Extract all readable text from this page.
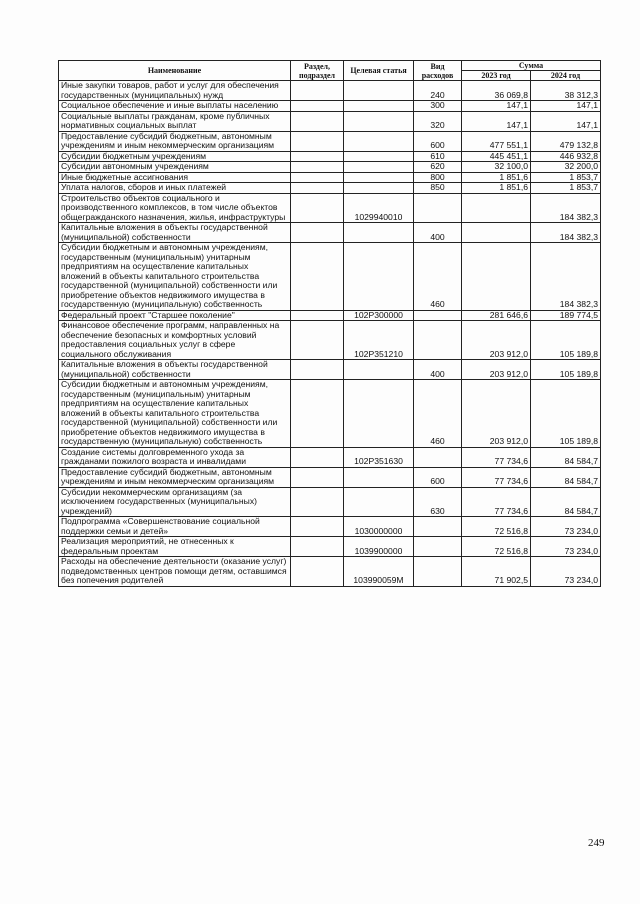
Наименование	Раздел, подраздел	Целевая статья	Вид расходов	Сумма	
				2023 год	2024 год
Иные закупки товаров, работ и услуг для обеспечения государственных (муниципальных) нужд			240	36 069,8	38 312,3
Социальное обеспечение и иные выплаты населению			300	147,1	147,1
Социальные выплаты гражданам, кроме публичных нормативных социальных выплат			320	147,1	147,1
Предоставление субсидий бюджетным, автономным учреждениям и иным некоммерческим организациям			600	477 551,1	479 132,8
Субсидии бюджетным учреждениям			610	445 451,1	446 932,8
Субсидии автономным учреждениям			620	32 100,0	32 200,0
Иные бюджетные ассигнования			800	1 851,6	1 853,7
Уплата налогов, сборов и иных платежей			850	1 851,6	1 853,7
Строительство объектов социального и производственного комплексов, в том числе объектов общегражданского назначения, жилья, инфраструктуры		1029940010			184 382,3
Капитальные вложения в объекты государственной (муниципальной) собственности			400		184 382,3
Субсидии бюджетным и автономным учреждениям, государственным (муниципальным) унитарным предприятиям на осуществление капитальных вложений в объекты капитального строительства государственной (муниципальной) собственности или приобретение объектов недвижимого имущества в государственную (муниципальную) собственность			460		184 382,3
Федеральный проект "Старшее поколение"		102P300000		281 646,6	189 774,5
Финансовое обеспечение программ, направленных на обеспечение безопасных и комфортных условий предоставления социальных услуг в сфере социального обслуживания		102P351210		203 912,0	105 189,8
Капитальные вложения в объекты государственной (муниципальной) собственности			400	203 912,0	105 189,8
Субсидии бюджетным и автономным учреждениям, государственным (муниципальным) унитарным предприятиям на осуществление капитальных вложений в объекты капитального строительства государственной (муниципальной) собственности или приобретение объектов недвижимого имущества в государственную (муниципальную) собственность			460	203 912,0	105 189,8
Создание системы долговременного ухода за гражданами пожилого возраста и инвалидами		102P351630		77 734,6	84 584,7
Предоставление субсидий бюджетным, автономным учреждениям и иным некоммерческим организациям			600	77 734,6	84 584,7
Субсидии некоммерческим организациям (за исключением государственных (муниципальных) учреждений)			630	77 734,6	84 584,7
Подпрограмма «Совершенствование социальной поддержки семьи и детей»		1030000000		72 516,8	73 234,0
Реализация мероприятий, не отнесенных к федеральным проектам		1039900000		72 516,8	73 234,0
Расходы на обеспечение деятельности (оказание услуг) подведомственных центров помощи детям, оставшимся без попечения родителей		103990059M		71 902,5	73 234,0
249
